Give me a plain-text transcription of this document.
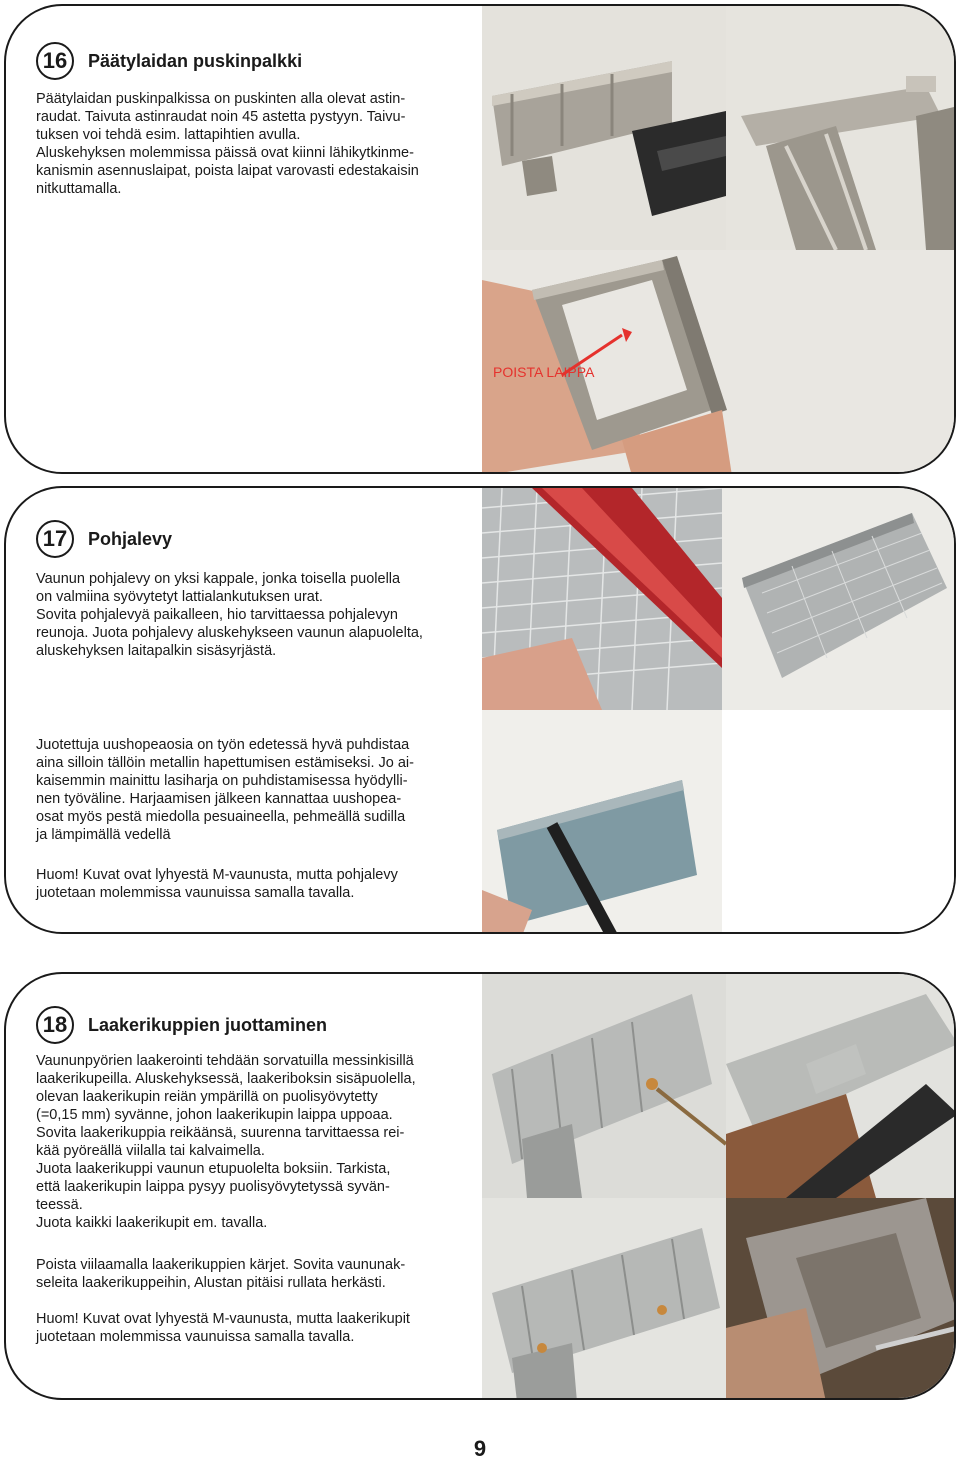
16	Päätylaidan puskinpalkki
Päätylaidan puskinpalkissa on puskinten alla olevat astin-
raudat. Taivuta astinraudat noin 45 astetta pystyyn. Taivu-
tuksen voi tehdä esim. lattapihtien avulla.
Aluskehyksen molemmissa päissä ovat kiinni lähikytkinme-
kanismin asennuslaipat, poista laipat varovasti edestakaisin
nitkuttamalla.
POISTA LAIPPA
17	Pohjalevy
Vaunun pohjalevy on yksi kappale, jonka toisella puolella
on valmiina syövytetyt lattialankutuksen urat.
Sovita pohjalevyä paikalleen, hio tarvittaessa pohjalevyn
reunoja. Juota pohjalevy aluskehykseen vaunun alapuolelta,
aluskehyksen laitapalkin sisäsyrjästä.
Juotettuja uushopeaosia on työn edetessä hyvä puhdistaa
aina silloin tällöin metallin hapettumisen estämiseksi. Jo ai-
kaisemmin mainittu lasiharja on puhdistamisessa hyödylli-
nen työväline. Harjaamisen jälkeen kannattaa uushopea-
osat myös pestä miedolla pesuaineella, pehmeällä sudilla
ja lämpimällä vedellä
Huom! Kuvat ovat lyhyestä M-vaunusta, mutta pohjalevy
juotetaan molemmissa vaunuissa samalla tavalla.
18	Laakerikuppien juottaminen
Vaununpyörien laakerointi tehdään sorvatuilla messinkisillä
laakerikupeilla. Aluskehyksessä, laakeriboksin sisäpuolella,
olevan laakerikupin reiän ympärillä on puolisyövytetty
(=0,15 mm) syvänne, johon laakerikupin laippa uppoaa.
Sovita laakerikuppia reikäänsä, suurenna tarvittaessa rei-
kää pyöreällä viilalla tai kalvaimella.
Juota laakerikuppi vaunun etupuolelta boksiin. Tarkista,
että laakerikupin laippa pysyy puolisyövytetyssä syvän-
teessä.
Juota kaikki laakerikupit em. tavalla.
Poista viilaamalla laakerikuppien kärjet. Sovita vaununak-
seleita laakerikuppeihin, Alustan pitäisi rullata herkästi.
Huom! Kuvat ovat lyhyestä M-vaunusta, mutta laakerikupit
juotetaan molemmissa vaunuissa samalla tavalla.
9
